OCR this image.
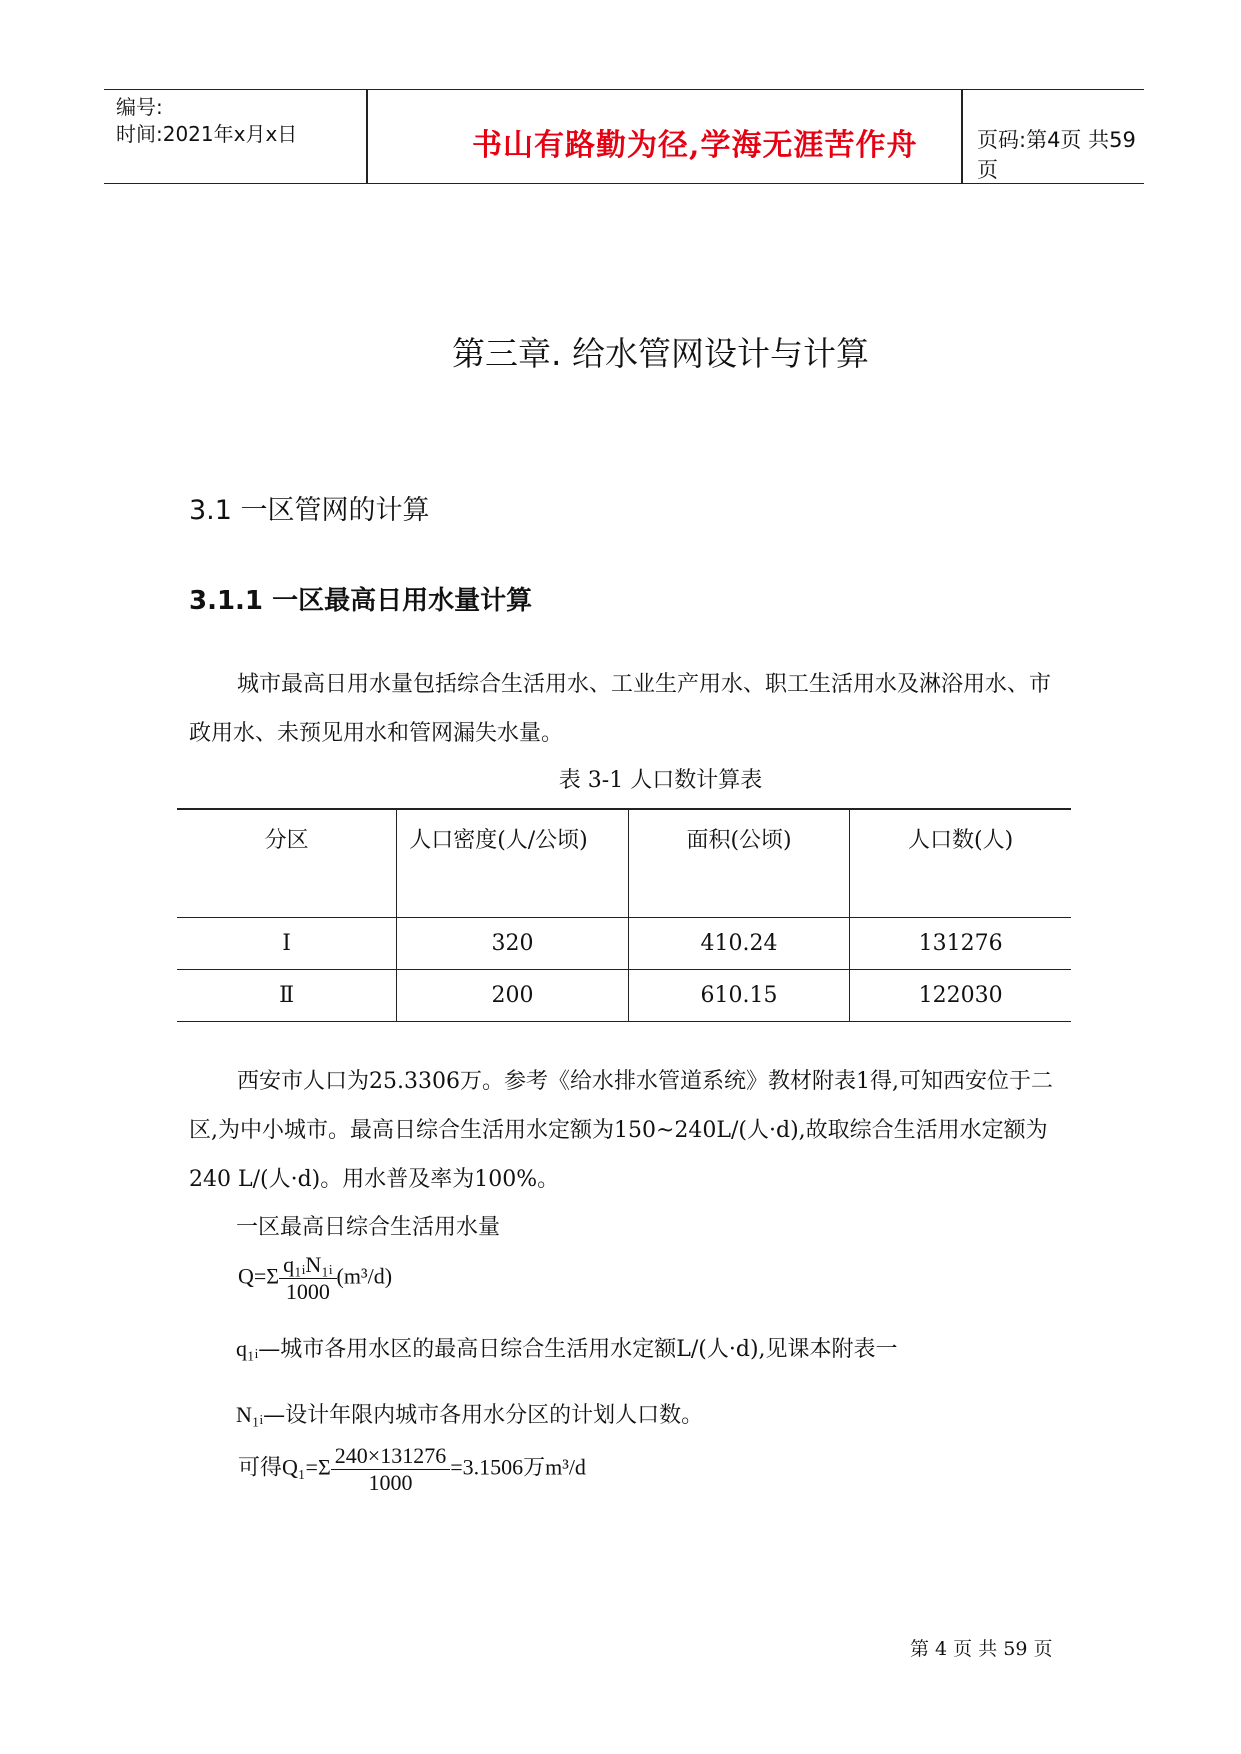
编号:
时间:2021年x月x日	书山有路勤为径,学海无涯苦作舟	页码:第4页 共59页
第三章. 给水管网设计与计算
3.1 一区管网的计算
3.1.1 一区最高日用水量计算
城市最高日用水量包括综合生活用水、工业生产用水、职工生活用水及淋浴用水、市政用水、未预见用水和管网漏失水量。
表 3-1 人口数计算表
分区	人口密度(人/公顷)	面积(公顷)	人口数(人)
Ⅰ	320	410.24	131276
Ⅱ	200	610.15	122030
西安市人口为25.3306万。参考《给水排水管道系统》教材附表1得,可知西安位于二区,为中小城市。最高日综合生活用水定额为150~240L/(人·d),故取综合生活用水定额为240 L/(人·d)。用水普及率为100%。
一区最高日综合生活用水量
$Q=\Sigma \frac{\text{q₁ᵢN₁ᵢ}}{1000} (m^3/d)$
q₁ᵢ—城市各用水区的最高日综合生活用水定额L/(人·d),见课本附表一
N₁ᵢ—设计年限内城市各用水分区的计划人口数。
可得$Q_1=\Sigma \frac{240\times 131276}{1000} =3.1506$万m³/d
第 4 页 共 59 页
